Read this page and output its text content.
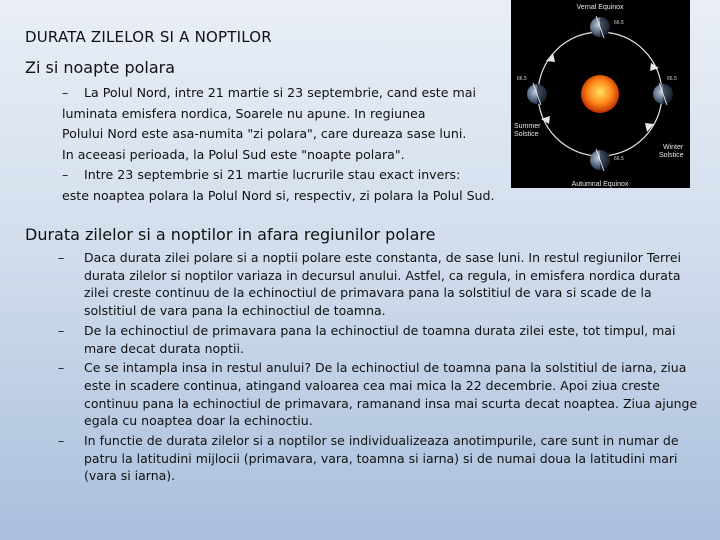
DURATA ZILELOR SI A NOPTILOR
Zi si noapte polara
– La Polul Nord, intre 21 martie si 23 septembrie, cand este mai
luminata emisfera nordica, Soarele nu apune. In regiunea
Polului Nord este asa-numita "zi polara", care dureaza sase luni.
In aceeasi perioada, la Polul Sud este "noapte polara".
– Intre 23 septembrie si 21 martie lucrurile stau exact invers:
este noaptea polara la Polul Nord si, respectiv, zi polara la Polul Sud.
Vernal Equinox
Autumnal Equinox
Summer
Solstice
Winter
Solstice
66.5
66.5
66.5
66.5
Durata zilelor si a noptilor in afara regiunilor polare
– Daca durata zilei polare si a noptii polare este constanta, de sase luni. In restul regiunilor Terrei durata zilelor si noptilor variaza in decursul anului. Astfel, ca regula, in emisfera nordica durata zilei creste continuu de la echinoctiul de primavara pana la solstitiul de vara si scade de la solstitiul de vara pana la echinoctiul de toamna.
– De la echinoctiul de primavara pana la echinoctiul de toamna durata zilei este, tot timpul, mai mare decat durata noptii.
– Ce se intampla insa in restul anului? De la echinoctiul de toamna pana la solstitiul de iarna, ziua este in scadere continua, atingand valoarea cea mai mica la 22 decembrie. Apoi ziua creste continuu pana la echinoctiul de primavara, ramanand insa mai scurta decat noaptea. Ziua ajunge egala cu noaptea doar la echinoctiu.
– In functie de durata zilelor si a noptilor se individualizeaza anotimpurile, care sunt in numar de patru la latitudini mijlocii (primavara, vara, toamna si iarna) si de numai doua la latitudini mari (vara si iarna).
